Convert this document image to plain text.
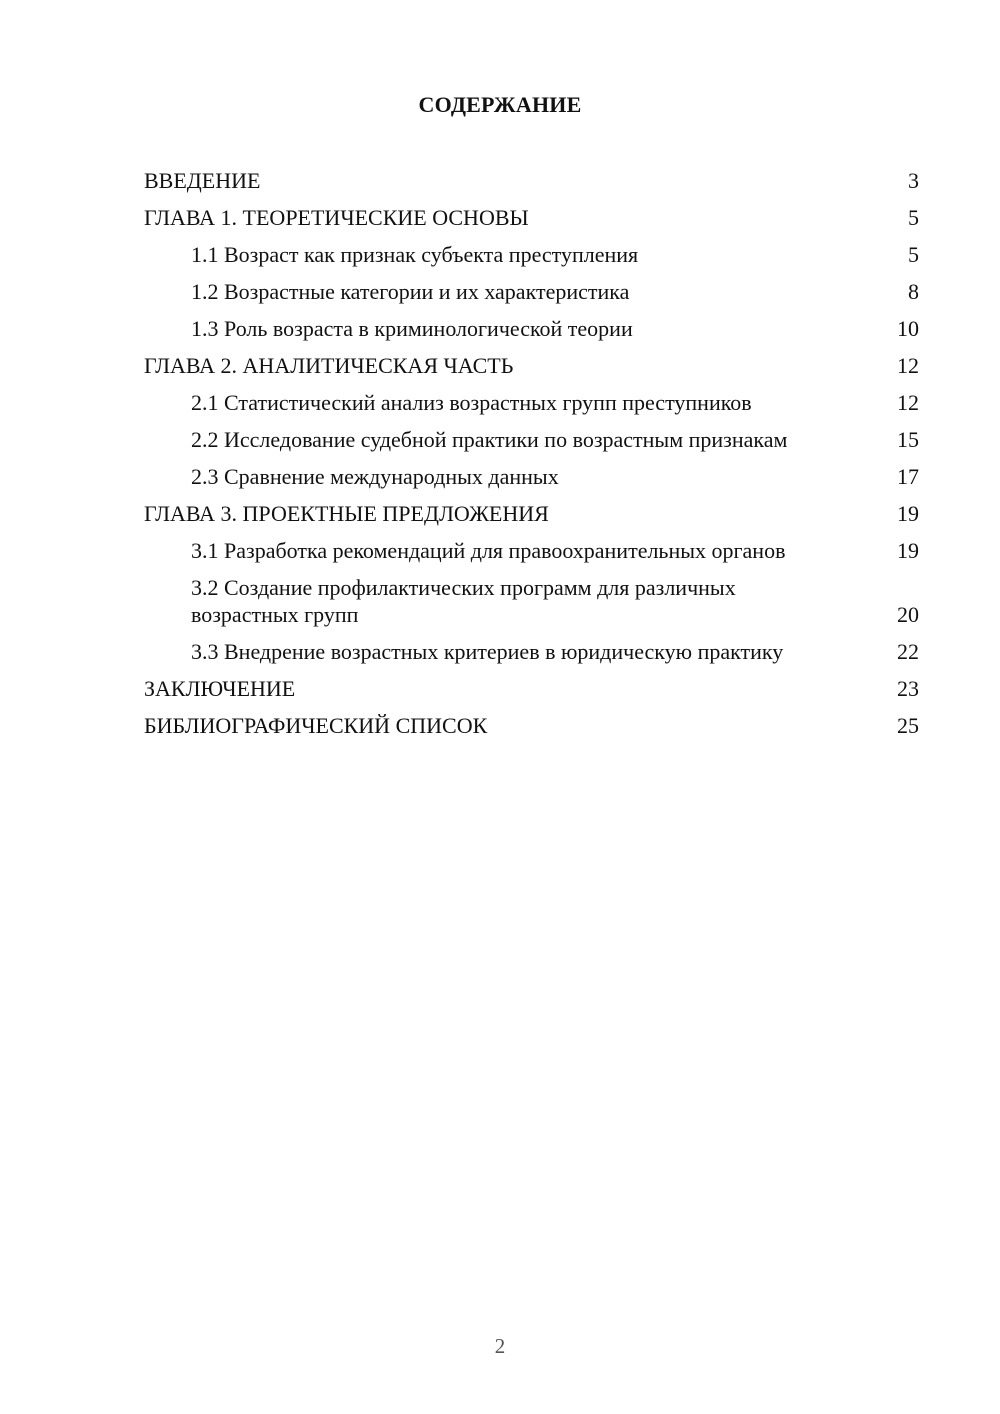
СОДЕРЖАНИЕ
ВВЕДЕНИЕ	3
ГЛАВА 1. ТЕОРЕТИЧЕСКИЕ ОСНОВЫ	5
1.1 Возраст как признак субъекта преступления	5
1.2 Возрастные категории и их характеристика	8
1.3 Роль возраста в криминологической теории	10
ГЛАВА 2. АНАЛИТИЧЕСКАЯ ЧАСТЬ	12
2.1 Статистический анализ возрастных групп преступников	12
2.2 Исследование судебной практики по возрастным признакам	15
2.3 Сравнение международных данных	17
ГЛАВА 3. ПРОЕКТНЫЕ ПРЕДЛОЖЕНИЯ	19
3.1 Разработка рекомендаций для правоохранительных органов	19
3.2 Создание профилактических программ для различных возрастных групп	20
3.3 Внедрение возрастных критериев в юридическую практику	22
ЗАКЛЮЧЕНИЕ	23
БИБЛИОГРАФИЧЕСКИЙ СПИСОК	25
2
